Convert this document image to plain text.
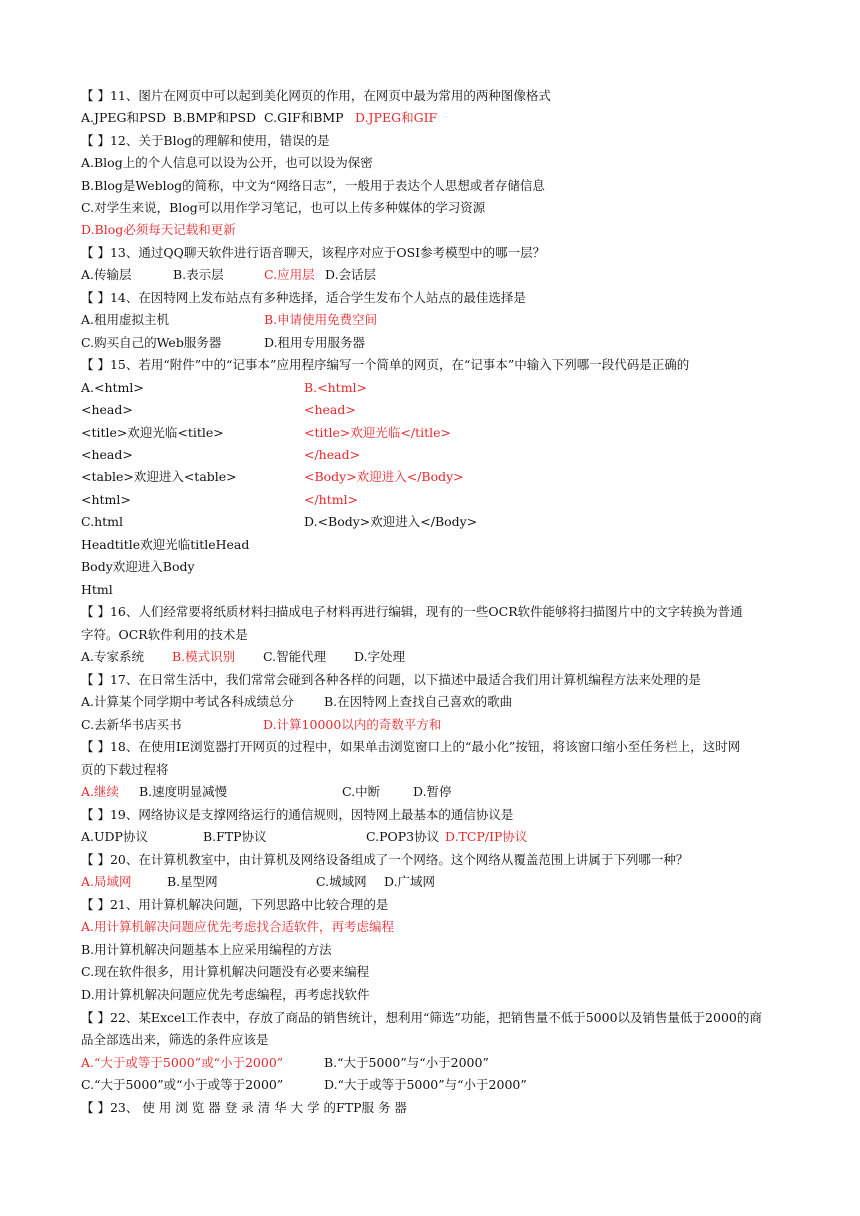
【 】11、图片在网页中可以起到美化网页的作用，在网页中最为常用的两种图像格式
A.JPEG和PSD B.BMP和PSD C.GIF和BMP D.JPEG和GIF
【 】12、关于Blog的理解和使用，错误的是
A.Blog上的个人信息可以设为公开，也可以设为保密
B.Blog是Weblog的简称，中文为“网络日志”，一般用于表达个人思想或者存储信息
C.对学生来说，Blog可以用作学习笔记，也可以上传多种媒体的学习资源
D.Blog必须每天记载和更新
【 】13、通过QQ聊天软件进行语音聊天，该程序对应于OSI参考模型中的哪一层？
A.传输层	B.表示层	C.应用层 D.会话层
【 】14、在因特网上发布站点有多种选择，适合学生发布个人站点的最佳选择是
A.租用虚拟主机	B.申请使用免费空间
C.购买自己的Web服务器	D.租用专用服务器
【 】15、若用“附件”中的“记事本”应用程序编写一个简单的网页，在“记事本”中输入下列哪一段代码是正确的
A.<html>	B.<html>
<head>	<head>
<title>欢迎光临<title>	<title>欢迎光临</title>
<head>	</head>
<table>欢迎进入<table>	<Body>欢迎进入</Body>
<html>	</html>
C.html	D.<Body>欢迎进入</Body>
Headtitle欢迎光临titleHead
Body欢迎进入Body
Html
【 】16、人们经常要将纸质材料扫描成电子材料再进行编辑，现有的一些OCR软件能够将扫描图片中的文字转换为普通
字符。OCR软件利用的技术是
A.专家系统 B.模式识别 C.智能代理 D.字处理
【 】17、在日常生活中，我们常常会碰到各种各样的问题，以下描述中最适合我们用计算机编程方法来处理的是
A.计算某个同学期中考试各科成绩总分 B.在因特网上查找自己喜欢的歌曲
C.去新华书店买书	D.计算10000以内的奇数平方和
【 】18、在使用IE浏览器打开网页的过程中，如果单击浏览窗口上的“最小化”按钮，将该窗口缩小至任务栏上，这时网
页的下载过程将
A.继续 B.速度明显减慢	C.中断	D.暂停
【 】19、网络协议是支撑网络运行的通信规则，因特网上最基本的通信协议是
A.UDP协议	B.FTP协议	C.POP3协议 D.TCP/IP协议
【 】20、在计算机教室中，由计算机及网络设备组成了一个网络。这个网络从覆盖范围上讲属于下列哪一种？
A.局域网	B.星型网	C.城域网 D.广域网
【 】21、用计算机解决问题，下列思路中比较合理的是
A.用计算机解决问题应优先考虑找合适软件，再考虑编程
B.用计算机解决问题基本上应采用编程的方法
C.现在软件很多，用计算机解决问题没有必要来编程
D.用计算机解决问题应优先考虑编程，再考虑找软件
【 】22、某Excel工作表中，存放了商品的销售统计，想利用“筛选”功能，把销售量不低于5000以及销售量低于2000的商
品全部选出来，筛选的条件应该是
A.“大于或等于5000”或“小于2000”	B.“大于5000”与“小于2000”
C.“大于5000”或“小于或等于2000”	D.“大于或等于5000”与“小于2000”
【 】23、 使 用 浏 览 器 登 录 清 华 大 学 的FTP服 务 器
